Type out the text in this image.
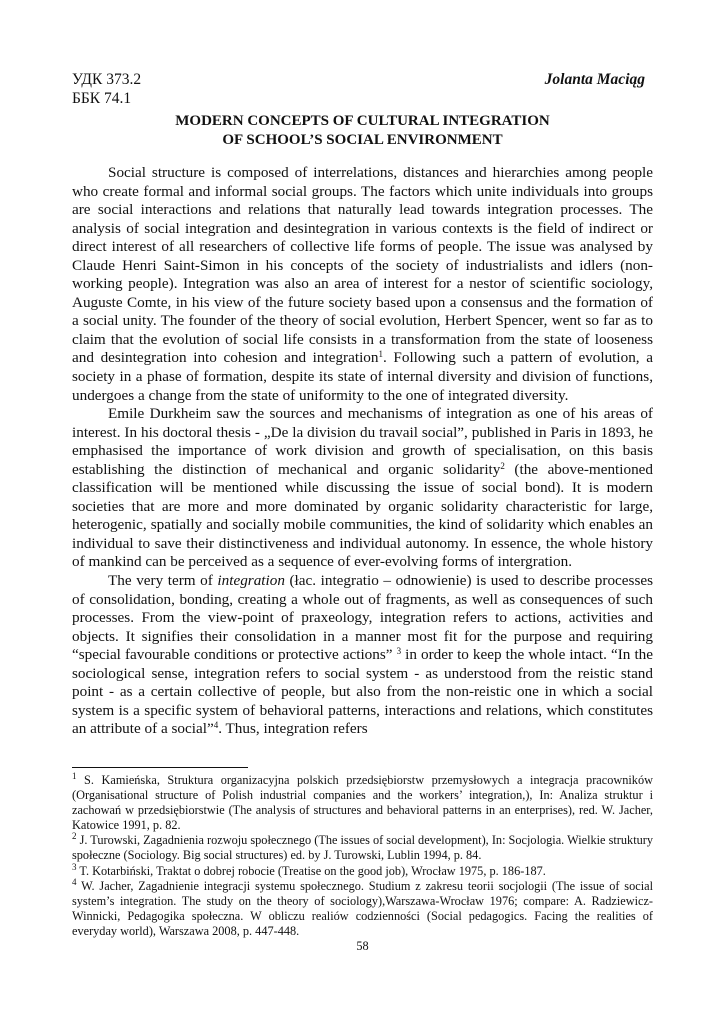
УДК 373.2	Jolanta Maciąg
ББК 74.1
MODERN CONCEPTS OF CULTURAL INTEGRATION
OF SCHOOL’S SOCIAL ENVIRONMENT

Social structure is composed of interrelations, distances and hierarchies among people who create formal and informal social groups. The factors which unite individuals into groups are social interactions and relations that naturally lead towards integration processes. The analysis of social integration and desintegration in various contexts is the field of indirect or direct interest of all researchers of collective life forms of people. The issue was analysed by Claude Henri Saint-Simon in his concepts of the society of industrialists and idlers (non-working people). Integration was also an area of interest for a nestor of scientific sociology, Auguste Comte, in his view of the future society based upon a consensus and the formation of a social unity. The founder of the theory of social evolution, Herbert Spencer, went so far as to claim that the evolution of social life consists in a transformation from the state of looseness and desintegration into cohesion and integration$^1$. Following such a pattern of evolution, a society in a phase of formation, despite its state of internal diversity and division of functions, undergoes a change from the state of uniformity to the one of integrated diversity.

Emile Durkheim saw the sources and mechanisms of integration as one of his areas of interest. In his doctoral thesis - „De la division du travail social”, published in Paris in 1893, he emphasised the importance of work division and growth of specialisation, on this basis establishing the distinction of mechanical and organic solidarity$^2$ (the above-mentioned classification will be mentioned while discussing the issue of social bond). It is modern societies that are more and more dominated by organic solidarity characteristic for large, heterogenic, spatially and socially mobile communities, the kind of solidarity which enables an individual to save their distinctiveness and individual autonomy. In essence, the whole history of mankind can be perceived as a sequence of ever-evolving forms of intergration.

The very term of integration (łac. integratio – odnowienie) is used to describe processes of consolidation, bonding, creating a whole out of fragments, as well as consequences of such processes. From the view-point of praxeology, integration refers to actions, activities and objects. It signifies their consolidation in a manner most fit for the purpose and requiring “special favourable conditions or protective actions” $^3$ in order to keep the whole intact. “In the sociological sense, integration refers to social system - as understood from the reistic stand point - as a certain collective of people, but also from the non-reistic one in which a social system is a specific system of behavioral patterns, interactions and relations, which constitutes an attribute of a social”$^4$. Thus, integration refers

$^1$ S. Kamieńska, Struktura organizacyjna polskich przedsiębiorstw przemysłowych a integracja pracowników (Organisational structure of Polish industrial companies and the workers’ integration,), In: Analiza struktur i zachowań w przedsiębiorstwie (The analysis of structures and behavioral patterns in an enterprises), red. W. Jacher, Katowice 1991, p. 82.

$^2$ J. Turowski, Zagadnienia rozwoju społecznego (The issues of social development), In: Socjologia. Wielkie struktury społeczne (Sociology. Big social structures) ed. by J. Turowski, Lublin 1994, p. 84.

$^3$ T. Kotarbiński, Traktat o dobrej robocie (Treatise on the good job), Wrocław 1975, p. 186-187.

$^4$ W. Jacher, Zagadnienie integracji systemu społecznego. Studium z zakresu teorii socjologii (The issue of social system’s integration. The study on the theory of sociology),Warszawa-Wrocław 1976; compare: A. Radziewicz-Winnicki, Pedagogika społeczna. W obliczu realiów codzienności (Social pedagogics. Facing the realities of everyday world), Warszawa 2008, p. 447-448.

58
